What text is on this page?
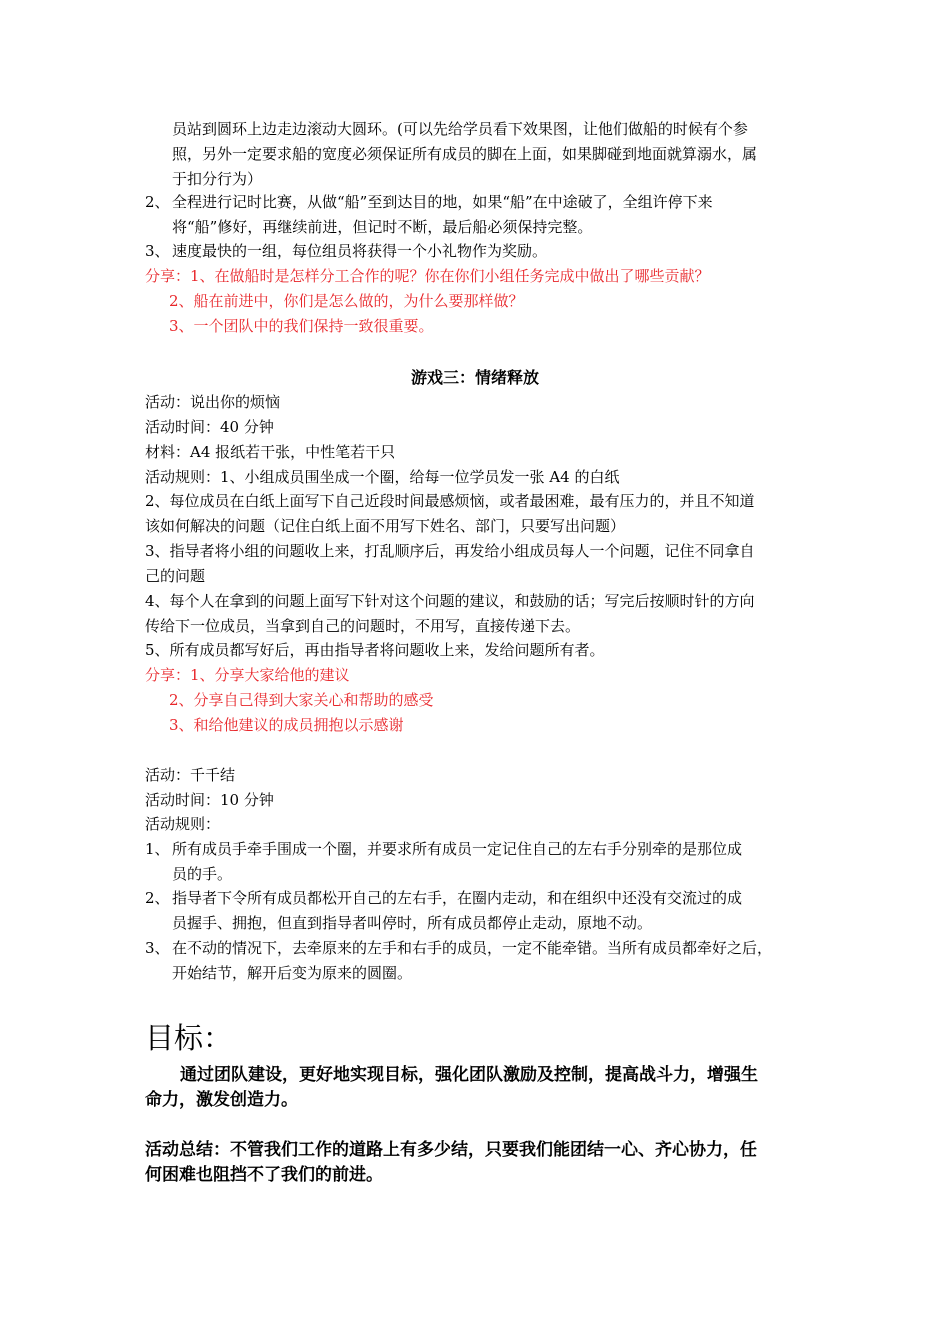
员站到圆环上边走边滚动大圆环。(可以先给学员看下效果图，让他们做船的时候有个参
照，另外一定要求船的宽度必须保证所有成员的脚在上面，如果脚碰到地面就算溺水，属
于扣分行为）
2、 全程进行记时比赛，从做“船”至到达目的地，如果“船”在中途破了，全组许停下来
将“船”修好，再继续前进，但记时不断，最后船必须保持完整。
3、 速度最快的一组，每位组员将获得一个小礼物作为奖励。
分享：1、在做船时是怎样分工合作的呢？你在你们小组任务完成中做出了哪些贡献？
2、船在前进中，你们是怎么做的，为什么要那样做？
3、一个团队中的我们保持一致很重要。
游戏三：情绪释放
活动：说出你的烦恼
活动时间：40 分钟
材料：A4 报纸若干张，中性笔若干只
活动规则：1、小组成员围坐成一个圈，给每一位学员发一张 A4 的白纸
2、每位成员在白纸上面写下自己近段时间最感烦恼，或者最困难，最有压力的，并且不知道
该如何解决的问题（记住白纸上面不用写下姓名、部门，只要写出问题）
3、指导者将小组的问题收上来，打乱顺序后，再发给小组成员每人一个问题，记住不同拿自
己的问题
4、每个人在拿到的问题上面写下针对这个问题的建议，和鼓励的话；写完后按顺时针的方向
传给下一位成员，当拿到自己的问题时，不用写，直接传递下去。
5、所有成员都写好后，再由指导者将问题收上来，发给问题所有者。
分享：1、分享大家给他的建议
2、分享自己得到大家关心和帮助的感受
3、和给他建议的成员拥抱以示感谢
活动：千千结
活动时间：10 分钟
活动规则：
1、 所有成员手牵手围成一个圈，并要求所有成员一定记住自己的左右手分别牵的是那位成
员的手。
2、 指导者下令所有成员都松开自己的左右手，在圈内走动，和在组织中还没有交流过的成
员握手、拥抱，但直到指导者叫停时，所有成员都停止走动，原地不动。
3、 在不动的情况下，去牵原来的左手和右手的成员，一定不能牵错。当所有成员都牵好之后，
开始结节，解开后变为原来的圆圈。
目标：
通过团队建设，更好地实现目标，强化团队激励及控制，提高战斗力，增强生
命力，激发创造力。
活动总结：不管我们工作的道路上有多少结，只要我们能团结一心、齐心协力，任
何困难也阻挡不了我们的前进。
